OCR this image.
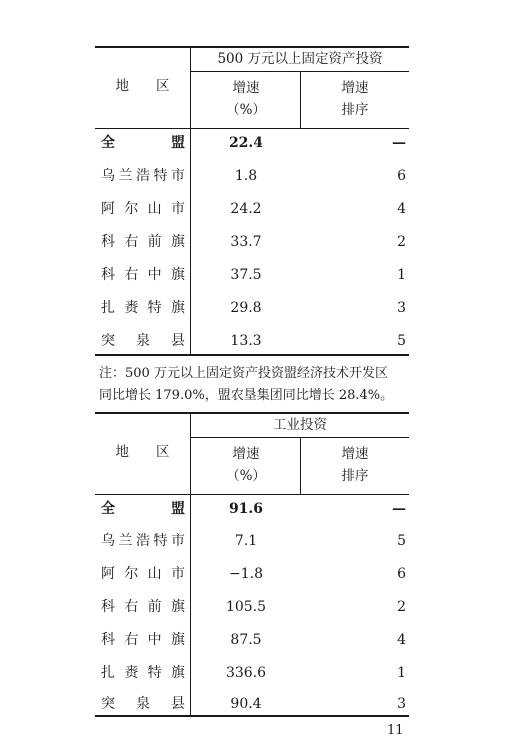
500 万元以上固定资产投资
地　　区	增速
（%）
增速
排序
全盟	22.4	—
乌兰浩特市	1.8	6
阿尔山市	24.2	4
科右前旗	33.7	2
科右中旗	37.5	1
扎赉特旗	29.8	3
突泉县	13.3	5
注：500 万元以上固定资产投资盟经济技术开发区
同比增长 179.0%，盟农垦集团同比增长 28.4%。
工业投资
地　　区	增速
（%）
增速
排序
全盟	91.6	—
乌兰浩特市	7.1	5
阿尔山市	−1.8	6
科右前旗	105.5	2
科右中旗	87.5	4
扎赉特旗	336.6	1
突泉县	90.4	3
11
